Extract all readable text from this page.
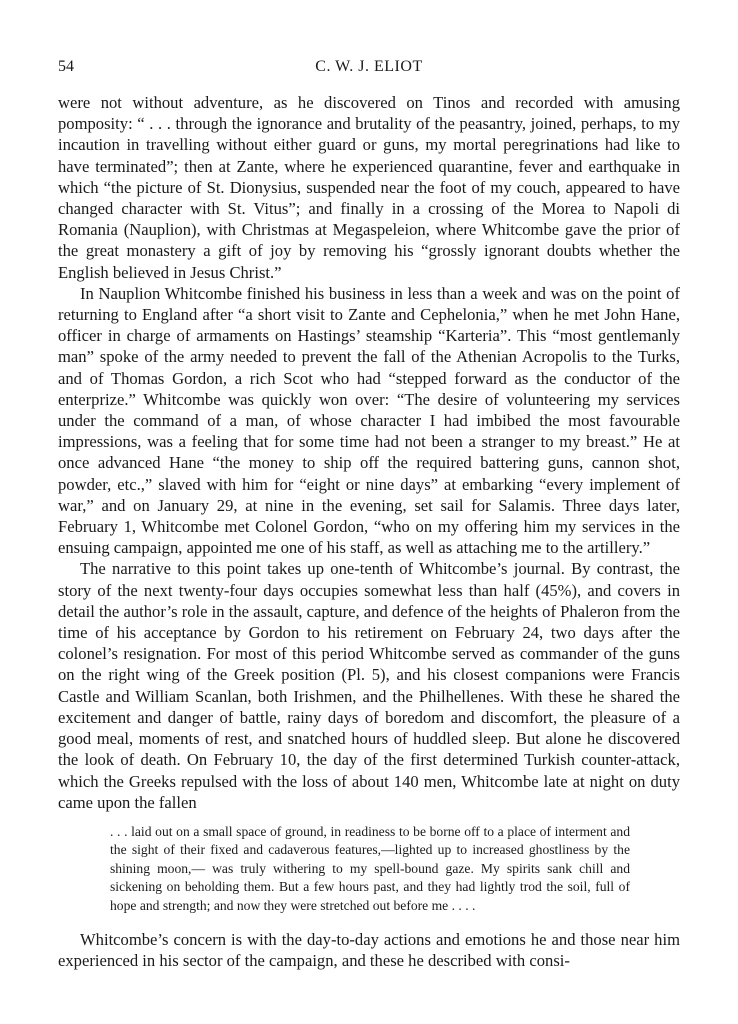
54	C. W. J. ELIOT

were not without adventure, as he discovered on Tinos and recorded with amusing pomposity: “ . . . through the ignorance and brutality of the peasantry, joined, perhaps, to my incaution in travelling without either guard or guns, my mortal peregrinations had like to have terminated”; then at Zante, where he experienced quarantine, fever and earthquake in which “the picture of St. Dionysius, suspended near the foot of my couch, appeared to have changed character with St. Vitus”; and finally in a crossing of the Morea to Napoli di Romania (Nauplion), with Christmas at Megaspeleion, where Whitcombe gave the prior of the great monastery a gift of joy by removing his “grossly ignorant doubts whether the English believed in Jesus Christ.”

In Nauplion Whitcombe finished his business in less than a week and was on the point of returning to England after “a short visit to Zante and Cephelonia,” when he met John Hane, officer in charge of armaments on Hastings’ steamship “Karteria”. This “most gentlemanly man” spoke of the army needed to prevent the fall of the Athenian Acropolis to the Turks, and of Thomas Gordon, a rich Scot who had “stepped forward as the conductor of the enterprize.” Whitcombe was quickly won over: “The desire of volunteering my services under the command of a man, of whose character I had imbibed the most favourable impressions, was a feeling that for some time had not been a stranger to my breast.” He at once advanced Hane “the money to ship off the required battering guns, cannon shot, powder, etc.,” slaved with him for “eight or nine days” at embarking “every implement of war,” and on January 29, at nine in the evening, set sail for Salamis. Three days later, February 1, Whitcombe met Colonel Gordon, “who on my offering him my services in the ensuing campaign, appointed me one of his staff, as well as attaching me to the artillery.”

The narrative to this point takes up one-tenth of Whitcombe’s journal. By contrast, the story of the next twenty-four days occupies somewhat less than half (45%), and covers in detail the author’s role in the assault, capture, and defence of the heights of Phaleron from the time of his acceptance by Gordon to his retirement on February 24, two days after the colonel’s resignation. For most of this period Whitcombe served as commander of the guns on the right wing of the Greek position (Pl. 5), and his closest companions were Francis Castle and William Scanlan, both Irishmen, and the Philhellenes. With these he shared the excitement and danger of battle, rainy days of boredom and discomfort, the pleasure of a good meal, moments of rest, and snatched hours of huddled sleep. But alone he discovered the look of death. On February 10, the day of the first determined Turkish counter-attack, which the Greeks repulsed with the loss of about 140 men, Whitcombe late at night on duty came upon the fallen

. . . laid out on a small space of ground, in readiness to be borne off to a place of interment and the sight of their fixed and cadaverous features,—lighted up to increased ghostliness by the shining moon,— was truly withering to my spell-bound gaze. My spirits sank chill and sickening on beholding them. But a few hours past, and they had lightly trod the soil, full of hope and strength; and now they were stretched out before me . . . .

Whitcombe’s concern is with the day-to-day actions and emotions he and those near him experienced in his sector of the campaign, and these he described with consi-
